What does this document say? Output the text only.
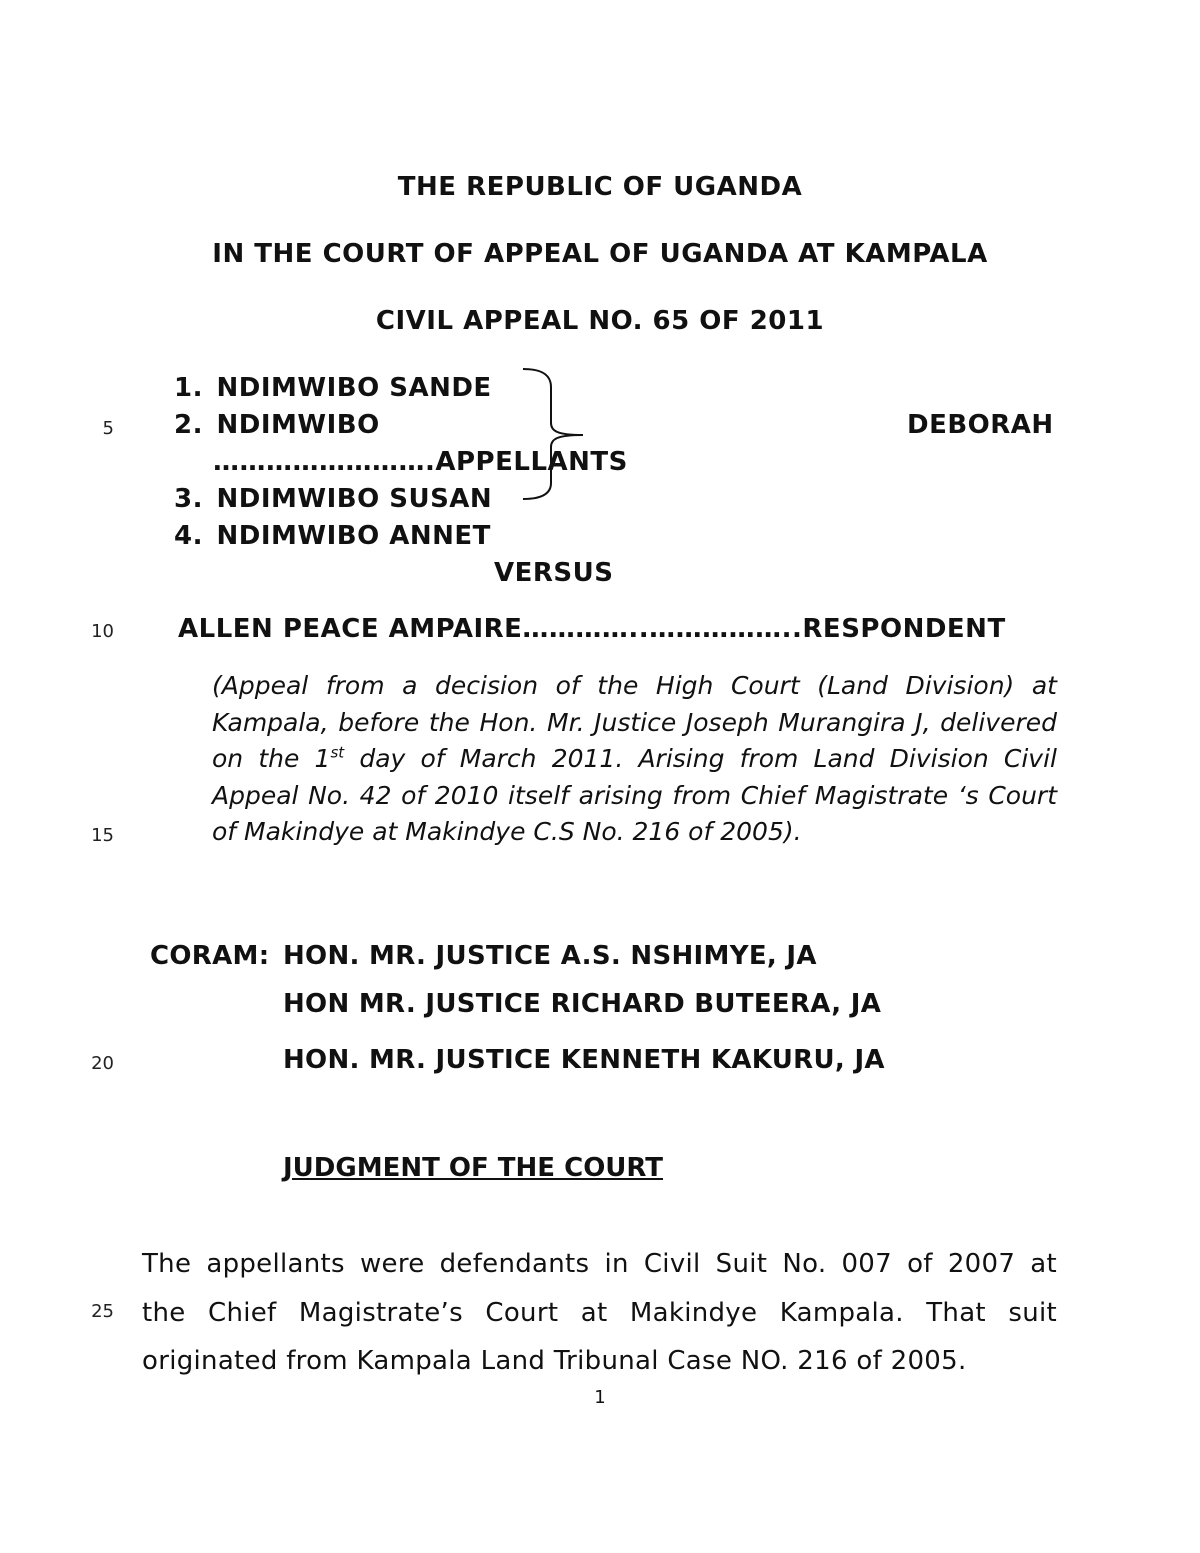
THE REPUBLIC OF UGANDA
IN THE COURT OF APPEAL OF UGANDA AT KAMPALA
CIVIL APPEAL NO. 65 OF 2011
1. NDIMWIBO SANDE
2. NDIMWIBO	DEBORAH
…………………….APPELLANTS
3. NDIMWIBO SUSAN
4. NDIMWIBO ANNET
VERSUS
ALLEN PEACE AMPAIRE…………..……………..RESPONDENT
(Appeal from a decision of the High Court (Land Division) at Kampala, before the Hon. Mr. Justice Joseph Murangira J, delivered on the 1st day of March 2011. Arising from Land Division Civil Appeal No. 42 of 2010 itself arising from Chief Magistrate ‘s Court of Makindye at Makindye C.S No. 216 of 2005).
CORAM: HON. MR. JUSTICE A.S. NSHIMYE, JA
HON MR. JUSTICE RICHARD BUTEERA, JA
HON. MR. JUSTICE KENNETH KAKURU, JA
JUDGMENT OF THE COURT
The appellants were defendants in Civil Suit No. 007 of 2007 at
the Chief Magistrate’s Court at Makindye Kampala. That suit
originated from Kampala Land Tribunal Case NO. 216 of 2005.
5
10
15
20
25
1
